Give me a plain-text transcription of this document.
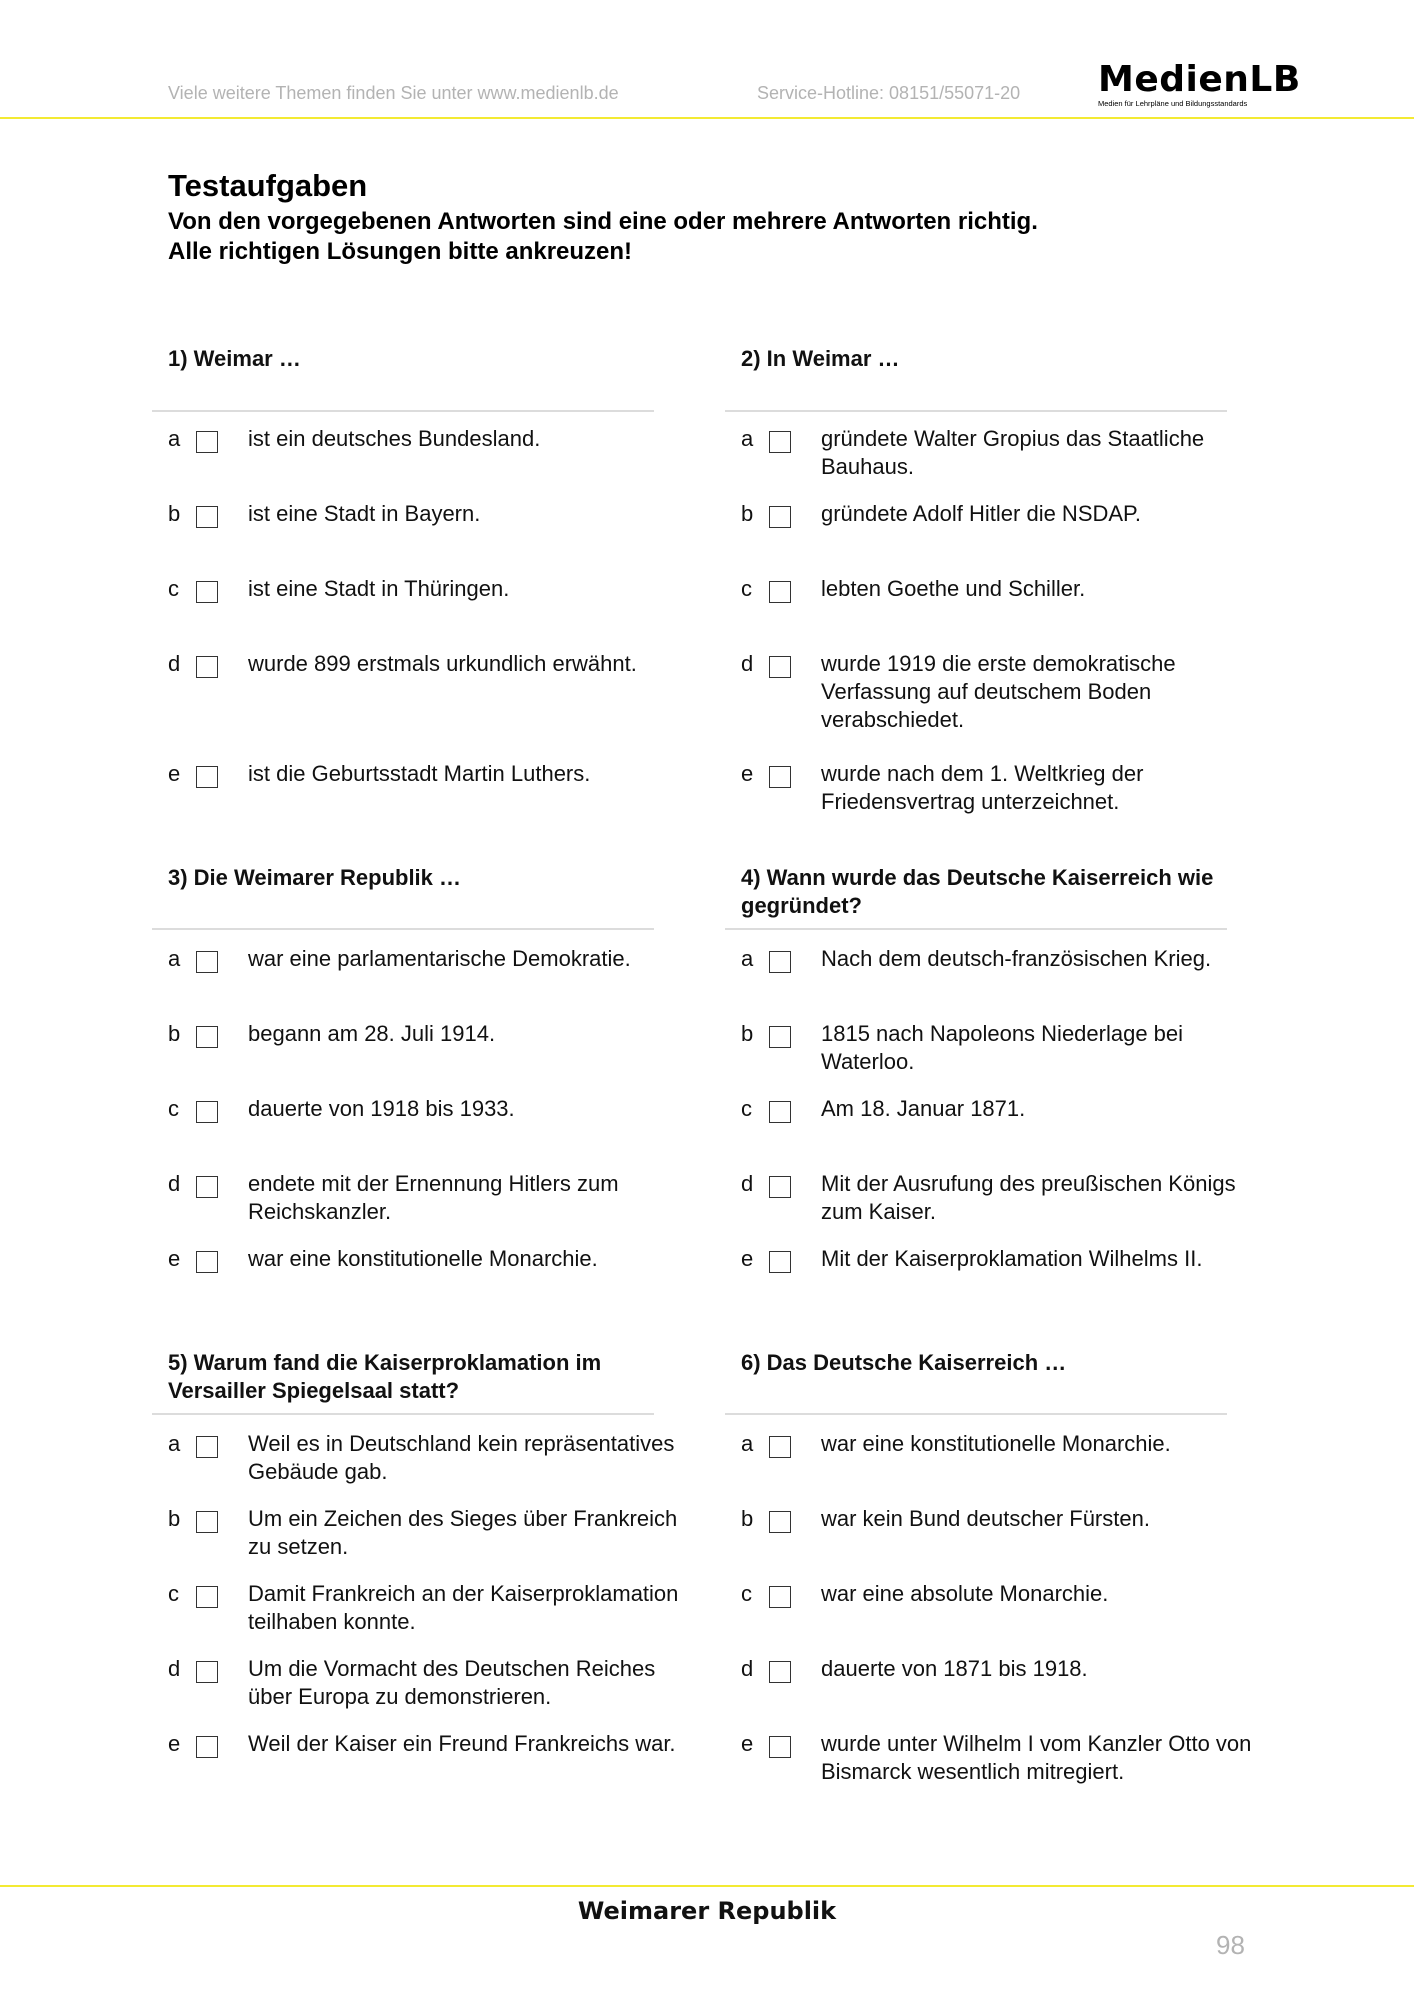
Viele weitere Themen finden Sie unter www.medienlb.de	Service-Hotline: 08151/55071-20 MedienLB
Medien für Lehrpläne und Bildungsstandards
Testaufgaben
Von den vorgegebenen Antworten sind eine oder mehrere Antworten richtig.
Alle richtigen Lösungen bitte ankreuzen!
1) Weimar …
a	ist ein deutsches Bundesland.
b	ist eine Stadt in Bayern.
c	ist eine Stadt in Thüringen.
d	wurde 899 erstmals urkundlich erwähnt.
e	ist die Geburtsstadt Martin Luthers.
2) In Weimar …
a	gründete Walter Gropius das Staatliche Bauhaus.
b	gründete Adolf Hitler die NSDAP.
c	lebten Goethe und Schiller.
d	wurde 1919 die erste demokratische Verfassung auf deutschem Boden verabschiedet.
e	wurde nach dem 1. Weltkrieg der Friedensvertrag unterzeichnet.
3) Die Weimarer Republik …
a	war eine parlamentarische Demokratie.
b	begann am 28. Juli 1914.
c	dauerte von 1918 bis 1933.
d	endete mit der Ernennung Hitlers zum Reichskanzler.
e	war eine konstitutionelle Monarchie.
4) Wann wurde das Deutsche Kaiserreich wie gegründet?
a	Nach dem deutsch-französischen Krieg.
b	1815 nach Napoleons Niederlage bei Waterloo.
c	Am 18. Januar 1871.
d	Mit der Ausrufung des preußischen Königs zum Kaiser.
e	Mit der Kaiserproklamation Wilhelms II.
5) Warum fand die Kaiserproklamation im Versailler Spiegelsaal statt?
a	Weil es in Deutschland kein repräsentatives Gebäude gab.
b	Um ein Zeichen des Sieges über Frankreich zu setzen.
c	Damit Frankreich an der Kaiserproklamation teilhaben konnte.
d	Um die Vormacht des Deutschen Reiches über Europa zu demonstrieren.
e	Weil der Kaiser ein Freund Frankreichs war.
6) Das Deutsche Kaiserreich …
a	war eine konstitutionelle Monarchie.
b	war kein Bund deutscher Fürsten.
c	war eine absolute Monarchie.
d	dauerte von 1871 bis 1918.
e	wurde unter Wilhelm I vom Kanzler Otto von Bismarck wesentlich mitregiert.
Weimarer Republik
98
